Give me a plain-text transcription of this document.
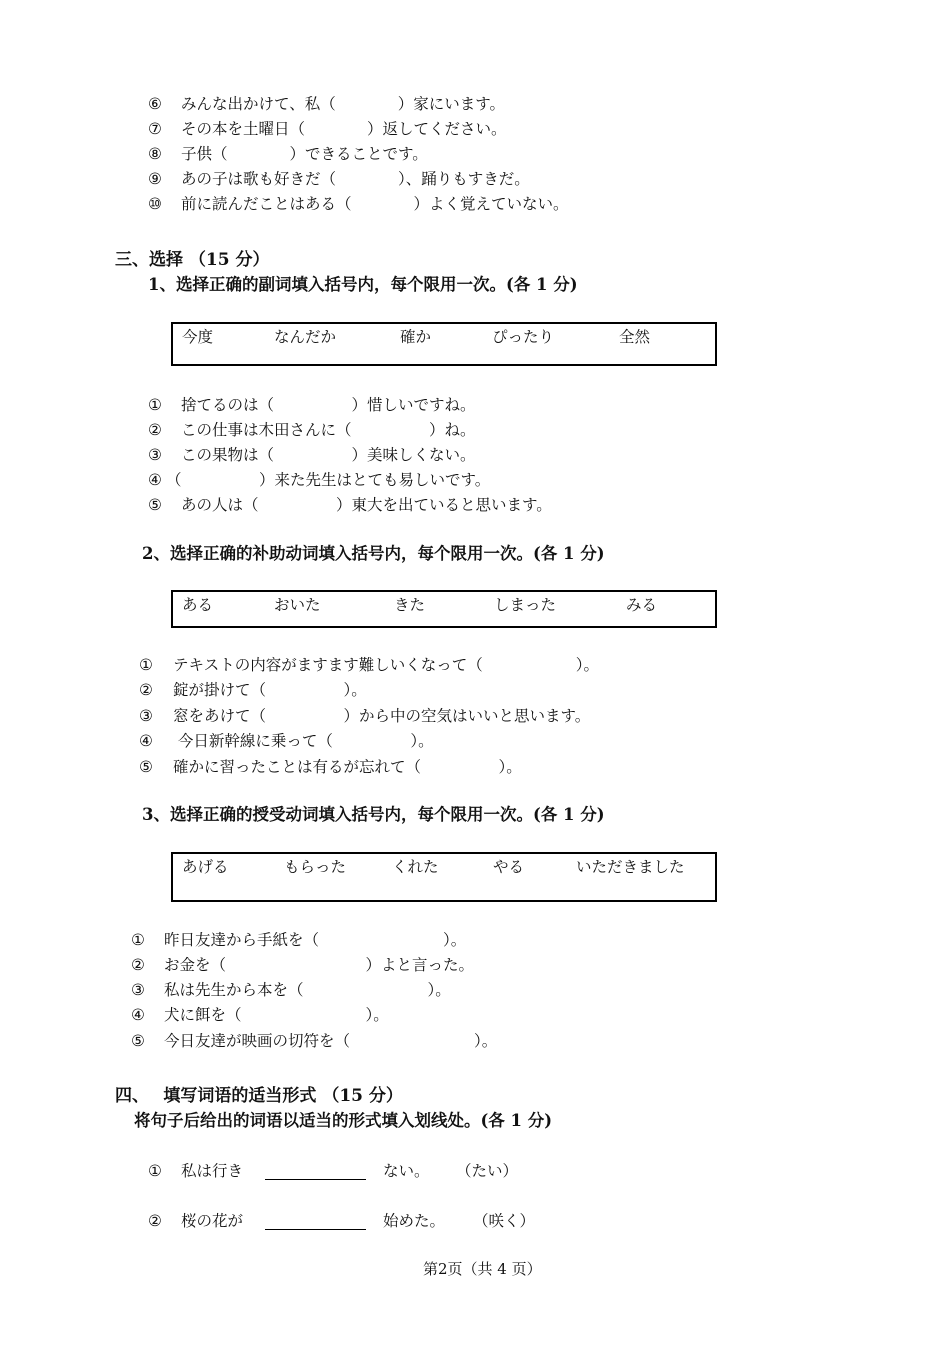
⑥ みんな出かけて、私（　　　　）家にいます。
⑦ その本を土曜日（　　　　）返してください。
⑧ 子供（　　　　）できることです。
⑨ あの子は歌も好きだ（　　　　）、踊りもすきだ。
⑩ 前に読んだことはある（　　　　）よく覚えていない。
三、选择 （15 分）
1、选择正确的副词填入括号内，每个限用一次。(各 1 分)
今度	なんだか	確か	ぴったり	全然
① 捨てるのは（　　　　　）惜しいですね。
② この仕事は木田さんに（　　　　　）ね。
③ この果物は（　　　　　）美味しくない。
④ （　　　　　）来た先生はとても易しいです。
⑤ あの人は（　　　　　）東大を出ていると思います。
2、选择正确的补助动词填入括号内，每个限用一次。(各 1 分)
ある	おいた	きた	しまった	みる
① テキストの内容がますます難しいくなって（　　　　　　）。
② 錠が掛けて（　　　　　）。
③ 窓をあけて（　　　　　）から中の空気はいいと思います。
④ 今日新幹線に乗って（　　　　　）。
⑤ 確かに習ったことは有るが忘れて（　　　　　）。
3、选择正确的授受动词填入括号内，每个限用一次。(各 1 分)
あげる	もらった	くれた	やる	いただきました
① 昨日友達から手紙を（　　　　　　　　）。
② お金を（　　　　　　　　　）よと言った。
③ 私は先生から本を（　　　　　　　　）。
④ 犬に餌を（　　　　　　　　）。
⑤ 今日友達が映画の切符を（　　　　　　　　）。
四、　 填写词语的适当形式 （15 分）
将句子后给出的词语以适当的形式填入划线处。(各 1 分)
① 私は行き	ない。 （たい）
② 桜の花が	始めた。 （咲く）
第2页（共 4 页）
